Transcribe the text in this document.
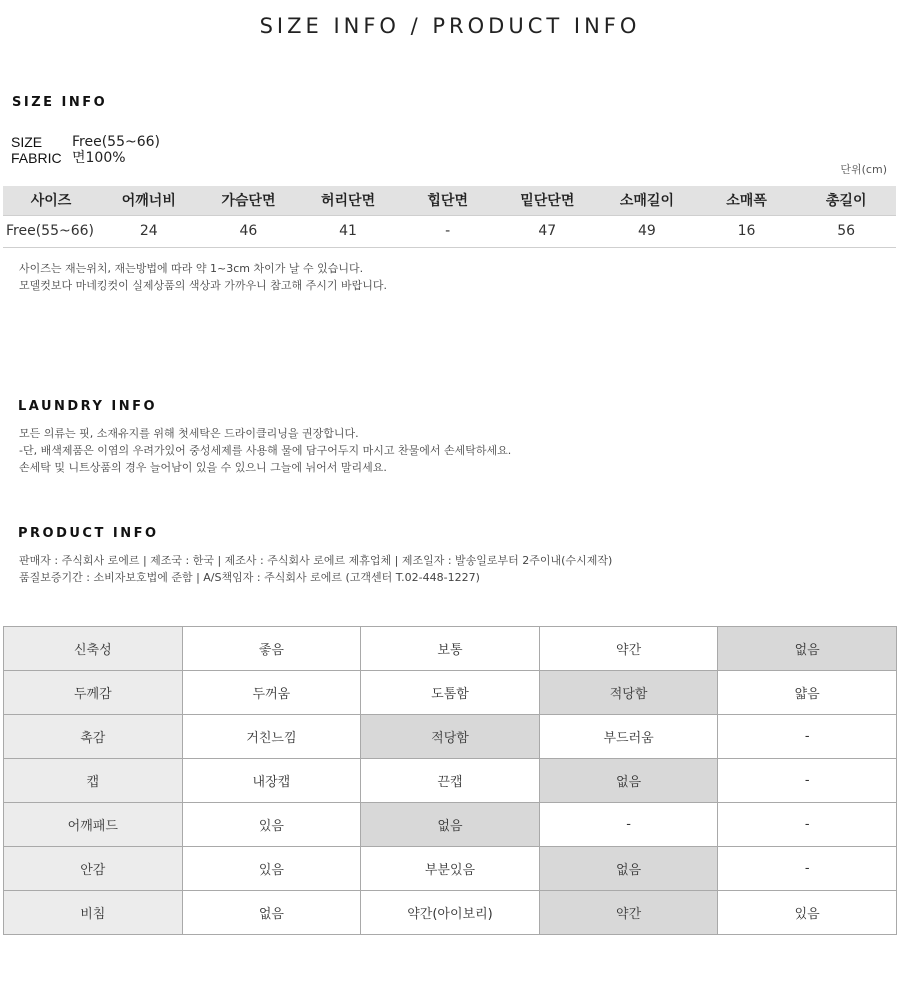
SIZE INFO / PRODUCT INFO
SIZE INFO
SIZE	Free(55~66)
FABRIC 면100%
단위(cm)
사이즈	어깨너비	가슴단면	허리단면	힙단면	밑단단면	소매길이	소매폭	총길이
Free(55~66)	24	46	41	-	47	49	16	56
사이즈는 재는위치, 재는방법에 따라 약 1~3cm 차이가 날 수 있습니다.
모델컷보다 마네킹컷이 실제상품의 색상과 가까우니 참고해 주시기 바랍니다.
LAUNDRY INFO
모든 의류는 핏, 소재유지를 위해 첫세탁은 드라이클리닝을 권장합니다.
-단, 배색제품은 이염의 우려가있어 중성세제를 사용해 물에 담구어두지 마시고 찬물에서 손세탁하세요.
손세탁 및 니트상품의 경우 늘어남이 있을 수 있으니 그늘에 뉘어서 말리세요.
PRODUCT INFO
판매자 : 주식회사 로에르 | 제조국 : 한국 | 제조사 : 주식회사 로에르 제휴업체 | 제조일자 : 발송일로부터 2주이내(수시제작)
품질보증기간 : 소비자보호법에 준함 | A/S책임자 : 주식회사 로에르 (고객센터 T.02-448-1227)
신축성	좋음	보통	약간	없음
두께감	두꺼움	도톰함	적당함	얇음
촉감	거친느낌	적당함	부드러움	-
캡	내장캡	끈캡	없음	-
어깨패드	있음	없음	-	-
안감	있음	부분있음	없음	-
비침	없음	약간(아이보리)	약간	있음
